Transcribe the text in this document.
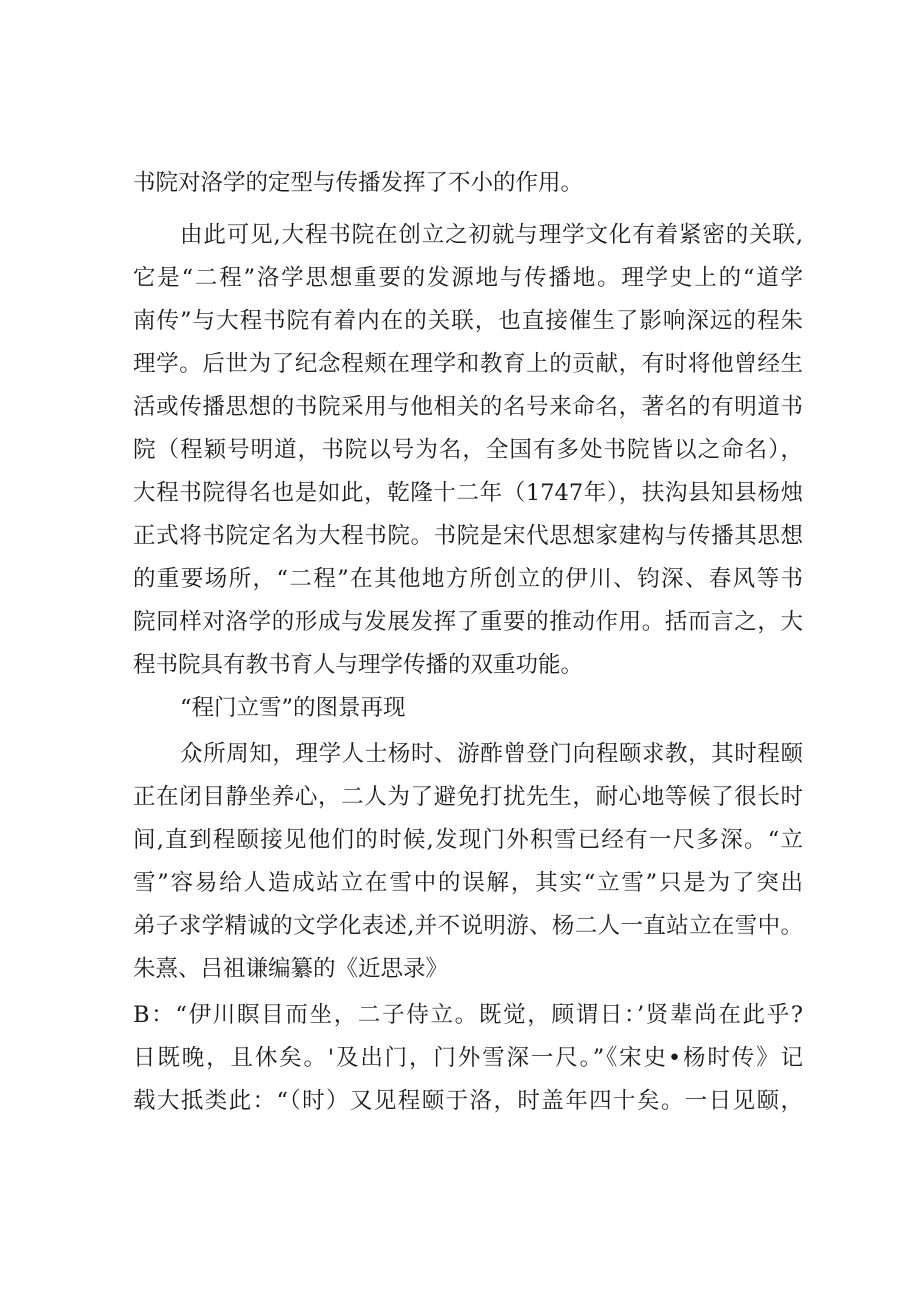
书院对洛学的定型与传播发挥了不小的作用。
由此可见,大程书院在创立之初就与理学文化有着紧密的关联,
它是“二程”洛学思想重要的发源地与传播地。理学史上的“道学
南传”与大程书院有着内在的关联，也直接催生了影响深远的程朱
理学。后世为了纪念程颊在理学和教育上的贡献，有时将他曾经生
活或传播思想的书院采用与他相关的名号来命名，著名的有明道书
院（程颖号明道，书院以号为名，全国有多处书院皆以之命名），
大程书院得名也是如此，乾隆十二年（1747年），扶沟县知县杨烛
正式将书院定名为大程书院。书院是宋代思想家建构与传播其思想
的重要场所，“二程”在其他地方所创立的伊川、钧深、春风等书
院同样对洛学的形成与发展发挥了重要的推动作用。括而言之，大
程书院具有教书育人与理学传播的双重功能。
“程门立雪”的图景再现
众所周知，理学人士杨时、游酢曾登门向程颐求教，其时程颐
正在闭目静坐养心，二人为了避免打扰先生，耐心地等候了很长时
间,直到程颐接见他们的时候,发现门外积雪已经有一尺多深。“立
雪”容易给人造成站立在雪中的误解，其实“立雪”只是为了突出
弟子求学精诚的文学化表述,并不说明游、杨二人一直站立在雪中。
朱熹、吕祖谦编纂的《近思录》
B：“伊川瞑目而坐，二子侍立。既觉，顾谓日：’贤辈尚在此乎?
日既晚，且休矣。'及出门，门外雪深一尺。”《宋史•杨时传》记
载大抵类此：“（时）又见程颐于洛，时盖年四十矣。一日见颐，
